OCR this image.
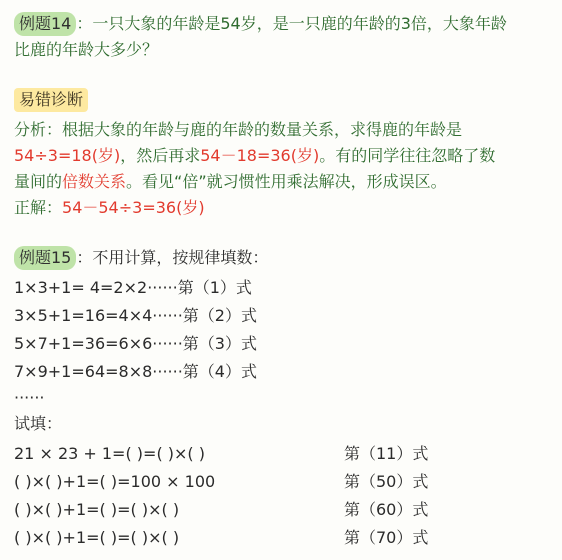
例题14 ：一只大象的年龄是54岁，是一只鹿的年龄的3倍，大象年龄
比鹿的年龄大多少？
易错诊断
分析：根据大象的年龄与鹿的年龄的数量关系，求得鹿的年龄是
54÷3=18(岁)，然后再求54－18=36(岁)。有的同学往往忽略了数
量间的倍数关系。看见“倍”就习惯性用乘法解决，形成误区。
正解：54－54÷3=36(岁)
例题15 ：不用计算，按规律填数：
1×3+1= 4=2×2······第（1）式
3×5+1=16=4×4······第（2）式
5×7+1=36=6×6······第（3）式
7×9+1=64=8×8······第（4）式
······
试填：
21 × 23 + 1=( )=( )×( )	第（11）式
( )×( )+1=( )=100 × 100	第（50）式
( )×( )+1=( )=( )×( )	第（60）式
( )×( )+1=( )=( )×( )	第（70）式
